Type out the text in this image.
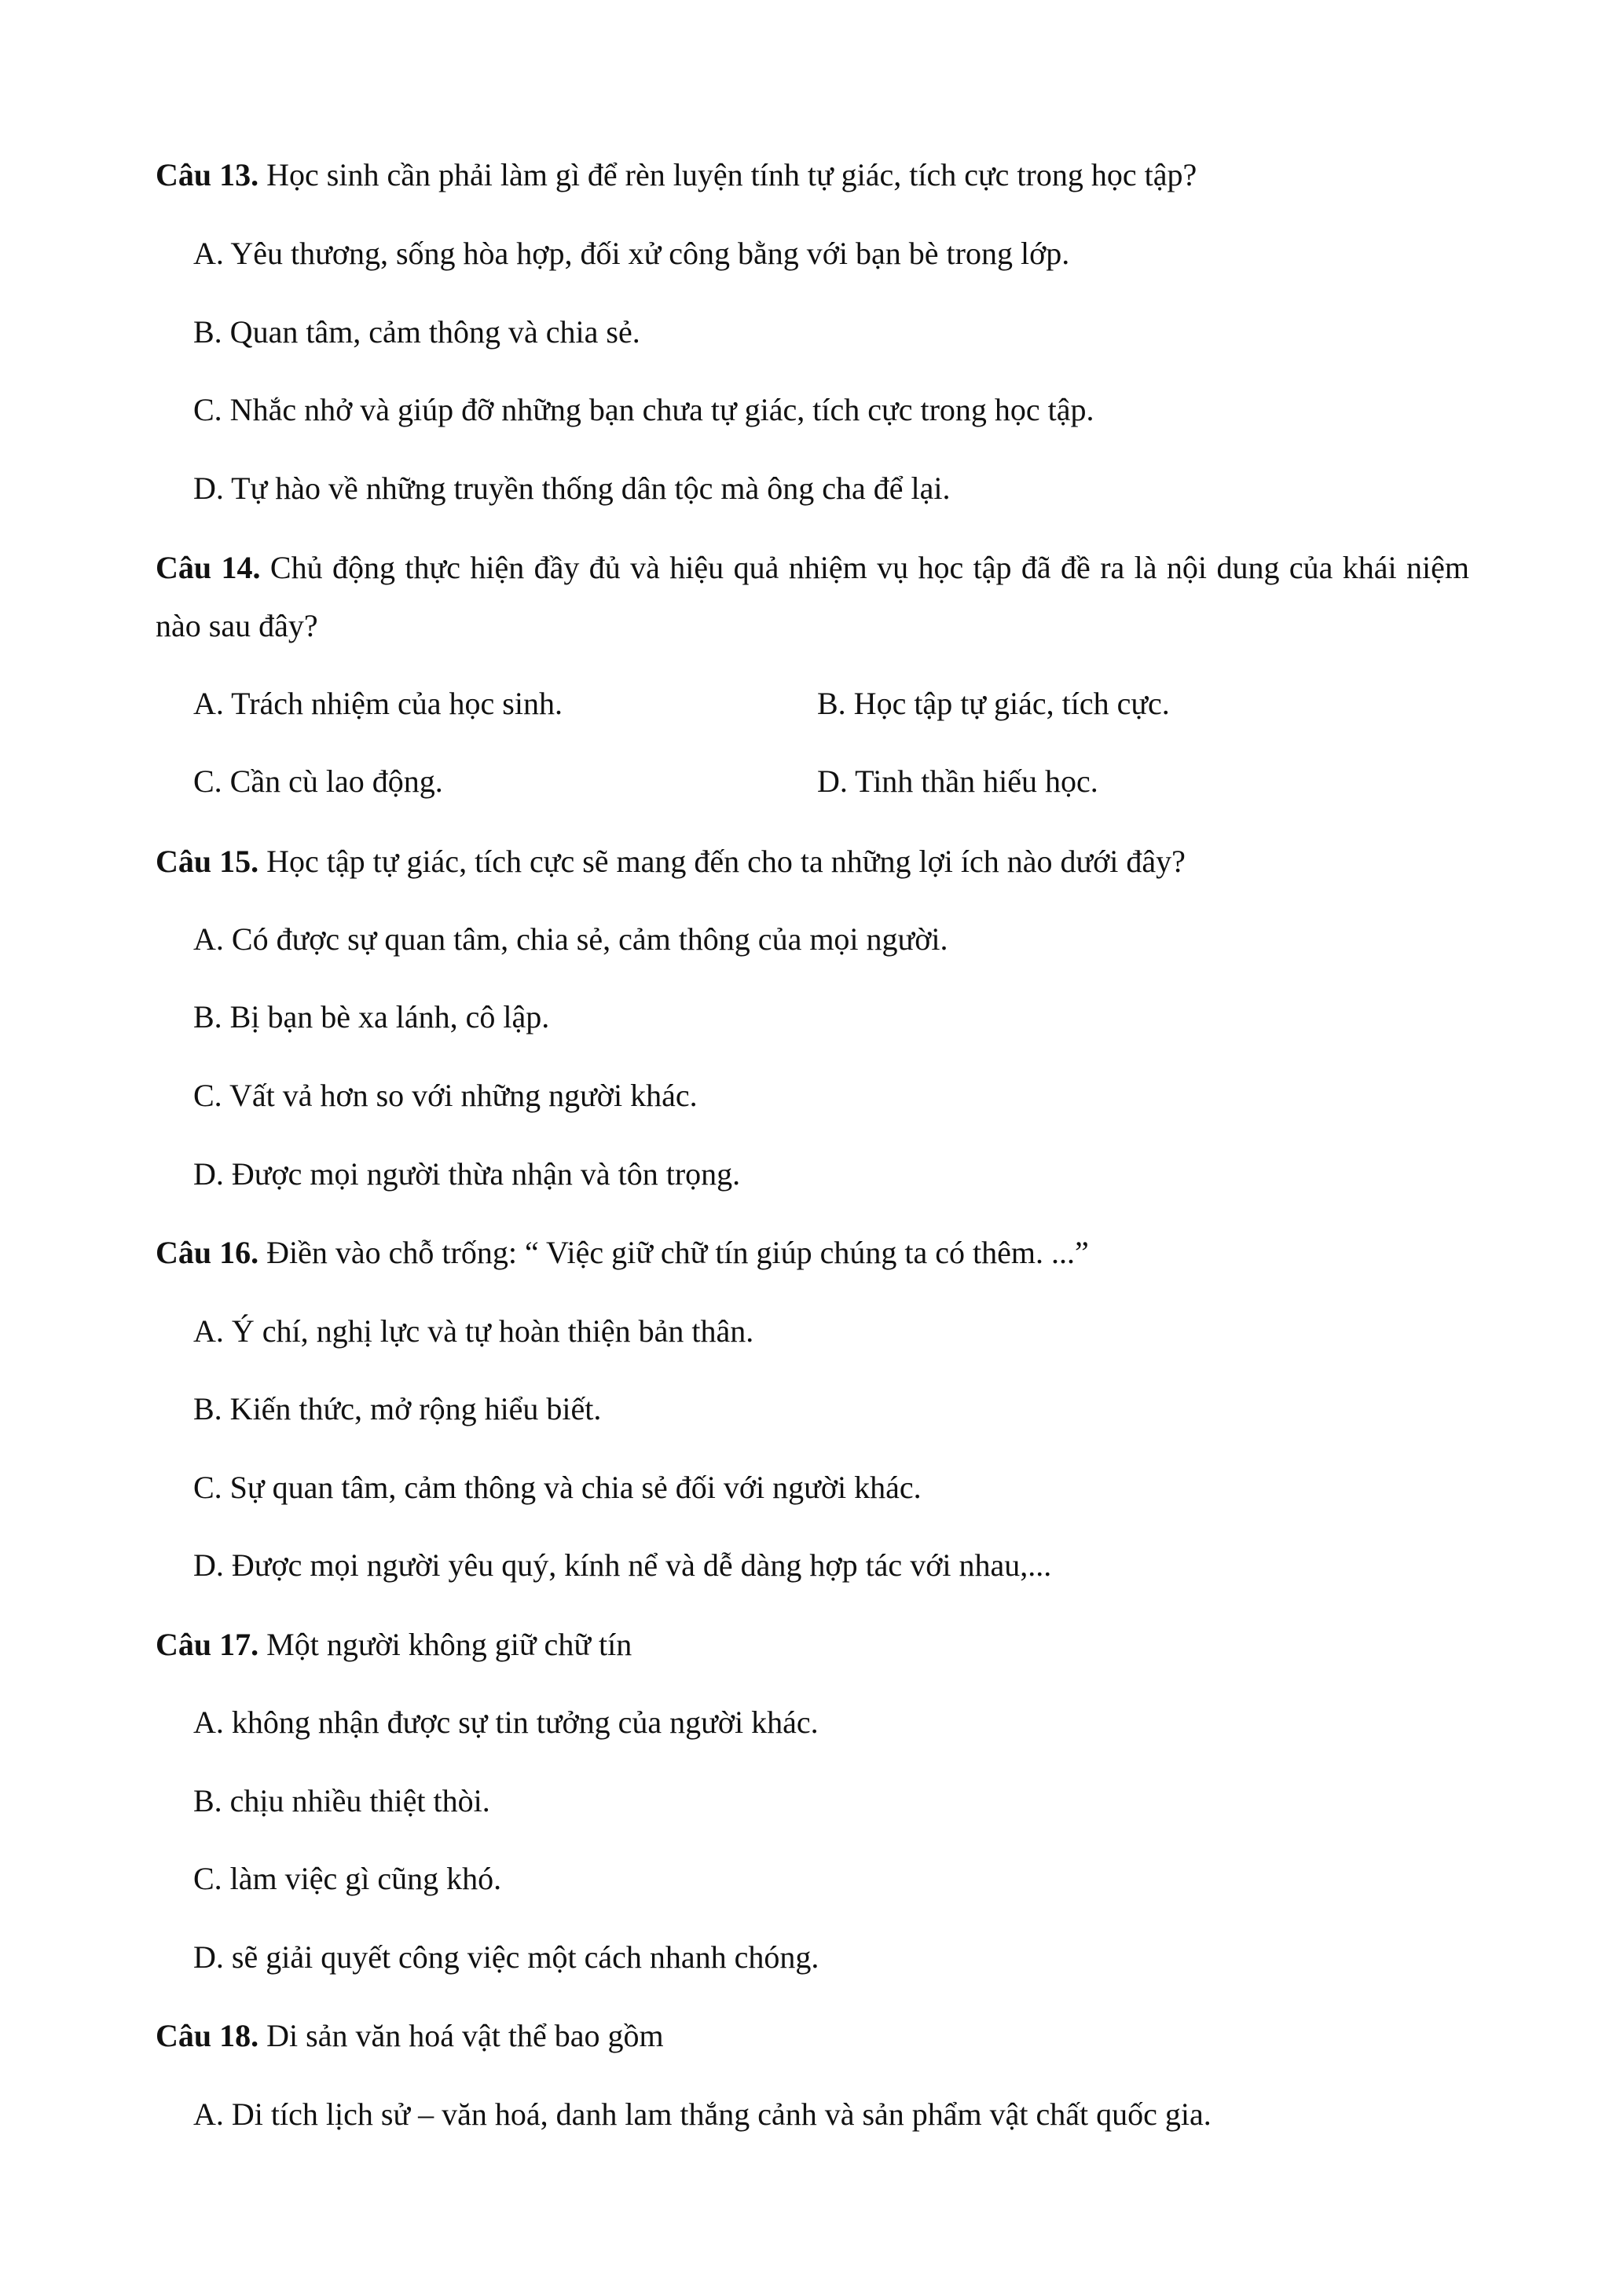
Câu 13. Học sinh cần phải làm gì để rèn luyện tính tự giác, tích cực trong học tập?

A. Yêu thương, sống hòa hợp, đối xử công bằng với bạn bè trong lớp.

B. Quan tâm, cảm thông và chia sẻ.

C. Nhắc nhở và giúp đỡ những bạn chưa tự giác, tích cực trong học tập.

D. Tự hào về những truyền thống dân tộc mà ông cha để lại.

Câu 14. Chủ động thực hiện đầy đủ và hiệu quả nhiệm vụ học tập đã đề ra là nội dung của khái niệm nào sau đây?

A. Trách nhiệm của học sinh.	B. Học tập tự giác, tích cực.

C. Cần cù lao động.	D. Tinh thần hiếu học.

Câu 15. Học tập tự giác, tích cực sẽ mang đến cho ta những lợi ích nào dưới đây?

A. Có được sự quan tâm, chia sẻ, cảm thông của mọi người.

B. Bị bạn bè xa lánh, cô lập.

C. Vất vả hơn so với những người khác.

D. Được mọi người thừa nhận và tôn trọng.

Câu 16. Điền vào chỗ trống: “ Việc giữ chữ tín giúp chúng ta có thêm. ...”

A. Ý chí, nghị lực và tự hoàn thiện bản thân.

B. Kiến thức, mở rộng hiểu biết.

C. Sự quan tâm, cảm thông và chia sẻ đối với người khác.

D. Được mọi người yêu quý, kính nể và dễ dàng hợp tác với nhau,...

Câu 17. Một người không giữ chữ tín

A. không nhận được sự tin tưởng của người khác.

B. chịu nhiều thiệt thòi.

C. làm việc gì cũng khó.

D. sẽ giải quyết công việc một cách nhanh chóng.

Câu 18. Di sản văn hoá vật thể bao gồm

A. Di tích lịch sử – văn hoá, danh lam thắng cảnh và sản phẩm vật chất quốc gia.
